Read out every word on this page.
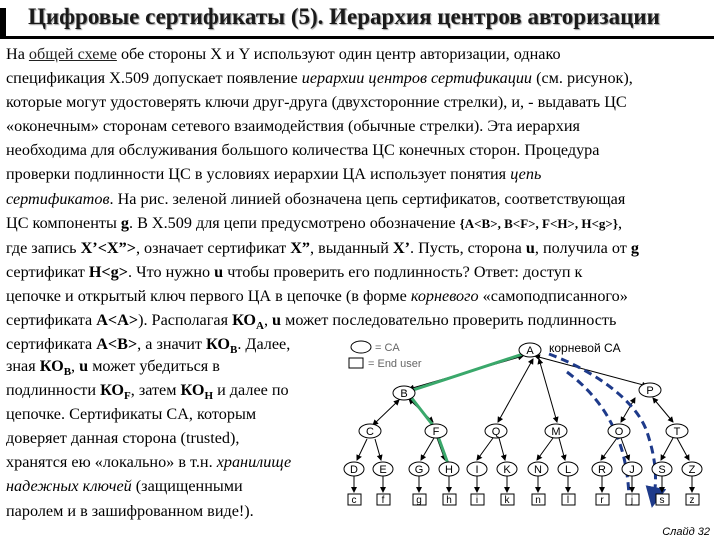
Цифровые сертификаты (5). Иерархия центров авторизации

На общей схеме обе стороны X и Y используют один центр авторизации, однако

спецификация X.509 допускает появление иерархии центров сертификации (см. рисунок),

которые могут удостоверять ключи друг-друга (двухсторонние стрелки), и, - выдавать ЦС

«оконечным» сторонам сетевого взаимодействия (обычные стрелки). Эта иерархия

необходима для обслуживания большого количества ЦС конечных сторон. Процедура

проверки подлинности ЦС в условиях иерархии ЦА использует понятия цепь

сертификатов. На рис. зеленой линией обозначена цепь сертификатов, соответствующая

ЦС компоненты g. В X.509 для цепи предусмотрено обозначение {A<B>, B<F>, F<H>, H<g>},

где запись X’<X”>, означает сертификат X”, выданный X’. Пусть, сторона u, получила от g

сертификат H<g>. Что нужно u чтобы проверить его подлинность? Ответ: доступ к

цепочке и открытый ключ первого ЦА в цепочке (в форме корневого «самоподписанного»

сертификата A<A>). Располагая $КО_A$, u может последовательно проверить подлинность

сертификата A<B>, а значит $КО_B$. Далее,

зная $КО_B$, u может убедиться в

подлинности $КО_F$, затем $КО_H$ и далее по

цепочке. Сертификаты CA, которым

доверяет данная сторона (trusted),

хранятся ею «локально» в т.н. хранилище

надежных ключей (защищенными

паролем и в зашифрованном виде!).

= CA
= End user
корневой CA
A
B	P
C	F	Q	M	O	T
D E	G H I K N L R J S Z
c	f	g h i	k	n	l	r	j	s	z
Слайд 32
